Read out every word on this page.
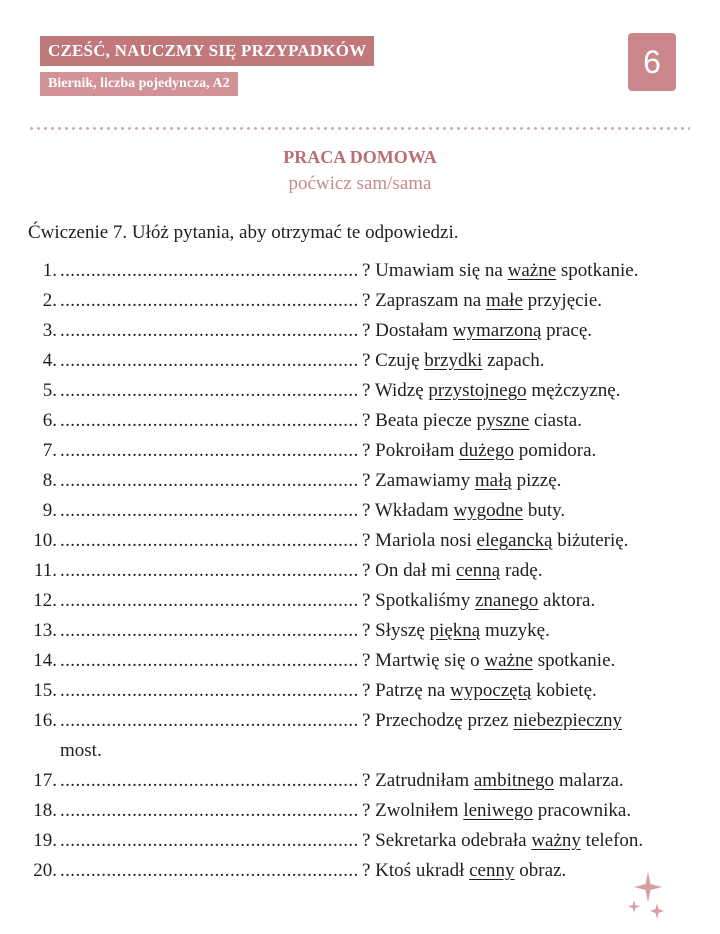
CZEŚĆ, NAUCZMY SIĘ PRZYPADKÓW
Biernik, liczba pojedyncza, A2
6
PRACA DOMOWA
poćwicz sam/sama
Ćwiczenie 7. Ułóż pytania, aby otrzymać te odpowiedzi.
1. .....	? Umawiam się na ważne spotkanie.
2. .....	? Zapraszam na małe przyjęcie.
3. .....	? Dostałam wymarzoną pracę.
4. .....	? Czuję brzydki zapach.
5. .....	? Widzę przystojnego mężczyznę.
6. .....	? Beata piecze pyszne ciasta.
7. .....	? Pokroiłam dużego pomidora.
8. .....	? Zamawiamy małą pizzę.
9. .....	? Wkładam wygodne buty.
10. .....	? Mariola nosi elegancką biżuterię.
11. .....	? On dał mi cenną radę.
12. .....	? Spotkaliśmy znanego aktora.
13. .....	? Słyszę piękną muzykę.
14. .....	? Martwię się o ważne spotkanie.
15. .....	? Patrzę na wypoczętą kobietę.
16. .....	? Przechodzę przez niebezpieczny
most.
17. .....	? Zatrudniłam ambitnego malarza.
18. .....	? Zwolniłem leniwego pracownika.
19. .....	? Sekretarka odebrała ważny telefon.
20. .....	? Ktoś ukradł cenny obraz.
